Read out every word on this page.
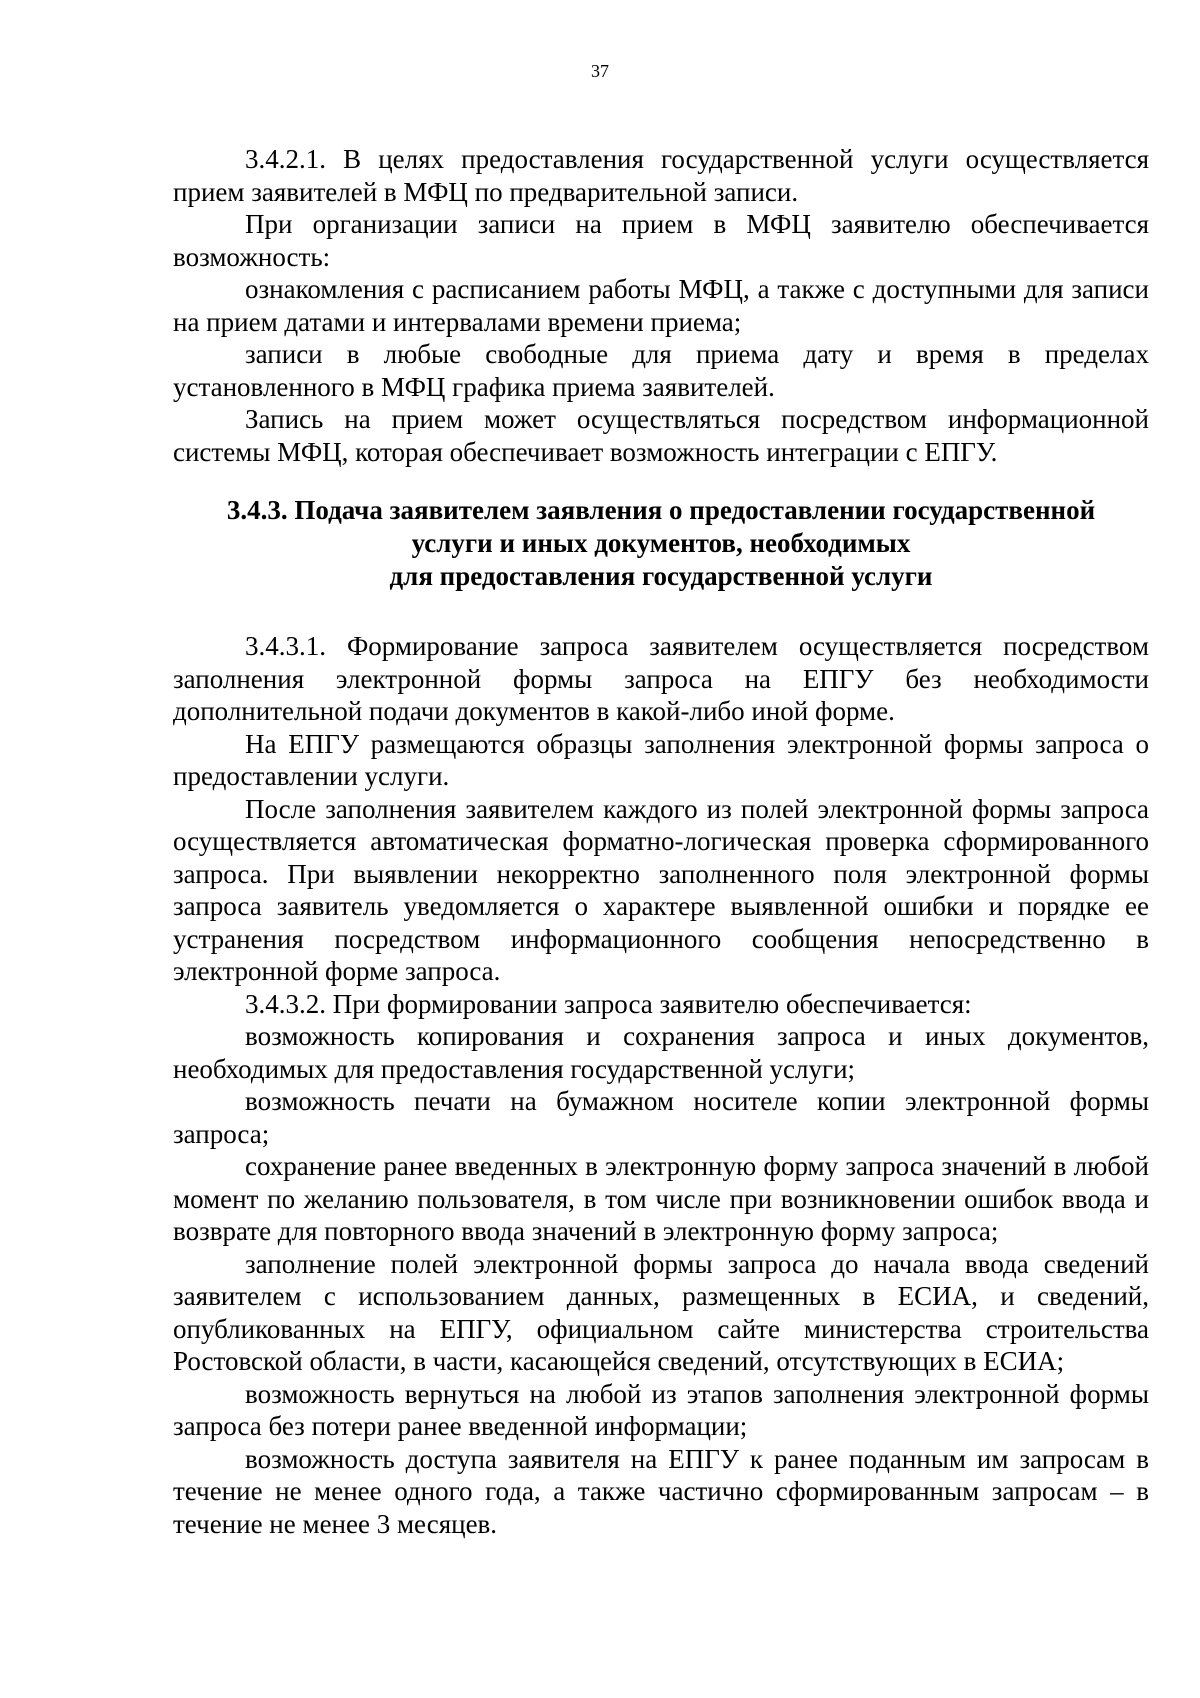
37

3.4.2.1. В целях предоставления государственной услуги осуществляется прием заявителей в МФЦ по предварительной записи.

При организации записи на прием в МФЦ заявителю обеспечивается возможность:

ознакомления с расписанием работы МФЦ, а также с доступными для записи на прием датами и интервалами времени приема;

записи в любые свободные для приема дату и время в пределах установленного в МФЦ графика приема заявителей.

Запись на прием может осуществляться посредством информационной системы МФЦ, которая обеспечивает возможность интеграции с ЕПГУ.

3.4.3. Подача заявителем заявления о предоставлении государственной
услуги и иных документов, необходимых
для предоставления государственной услуги

3.4.3.1. Формирование запроса заявителем осуществляется посредством заполнения электронной формы запроса на ЕПГУ без необходимости дополнительной подачи документов в какой-либо иной форме.

На ЕПГУ размещаются образцы заполнения электронной формы запроса о предоставлении услуги.

После заполнения заявителем каждого из полей электронной формы запроса осуществляется автоматическая форматно-логическая проверка сформированного запроса. При выявлении некорректно заполненного поля электронной формы запроса заявитель уведомляется о характере выявленной ошибки и порядке ее устранения посредством информационного сообщения непосредственно в электронной форме запроса.

3.4.3.2. При формировании запроса заявителю обеспечивается:

возможность копирования и сохранения запроса и иных документов, необходимых для предоставления государственной услуги;

возможность печати на бумажном носителе копии электронной формы запроса;

сохранение ранее введенных в электронную форму запроса значений в любой момент по желанию пользователя, в том числе при возникновении ошибок ввода и возврате для повторного ввода значений в электронную форму запроса;

заполнение полей электронной формы запроса до начала ввода сведений заявителем с использованием данных, размещенных в ЕСИА, и сведений, опубликованных на ЕПГУ, официальном сайте министерства строительства Ростовской области, в части, касающейся сведений, отсутствующих в ЕСИА;

возможность вернуться на любой из этапов заполнения электронной формы запроса без потери ранее введенной информации;

возможность доступа заявителя на ЕПГУ к ранее поданным им запросам в течение не менее одного года, а также частично сформированным запросам – в течение не менее 3 месяцев.
